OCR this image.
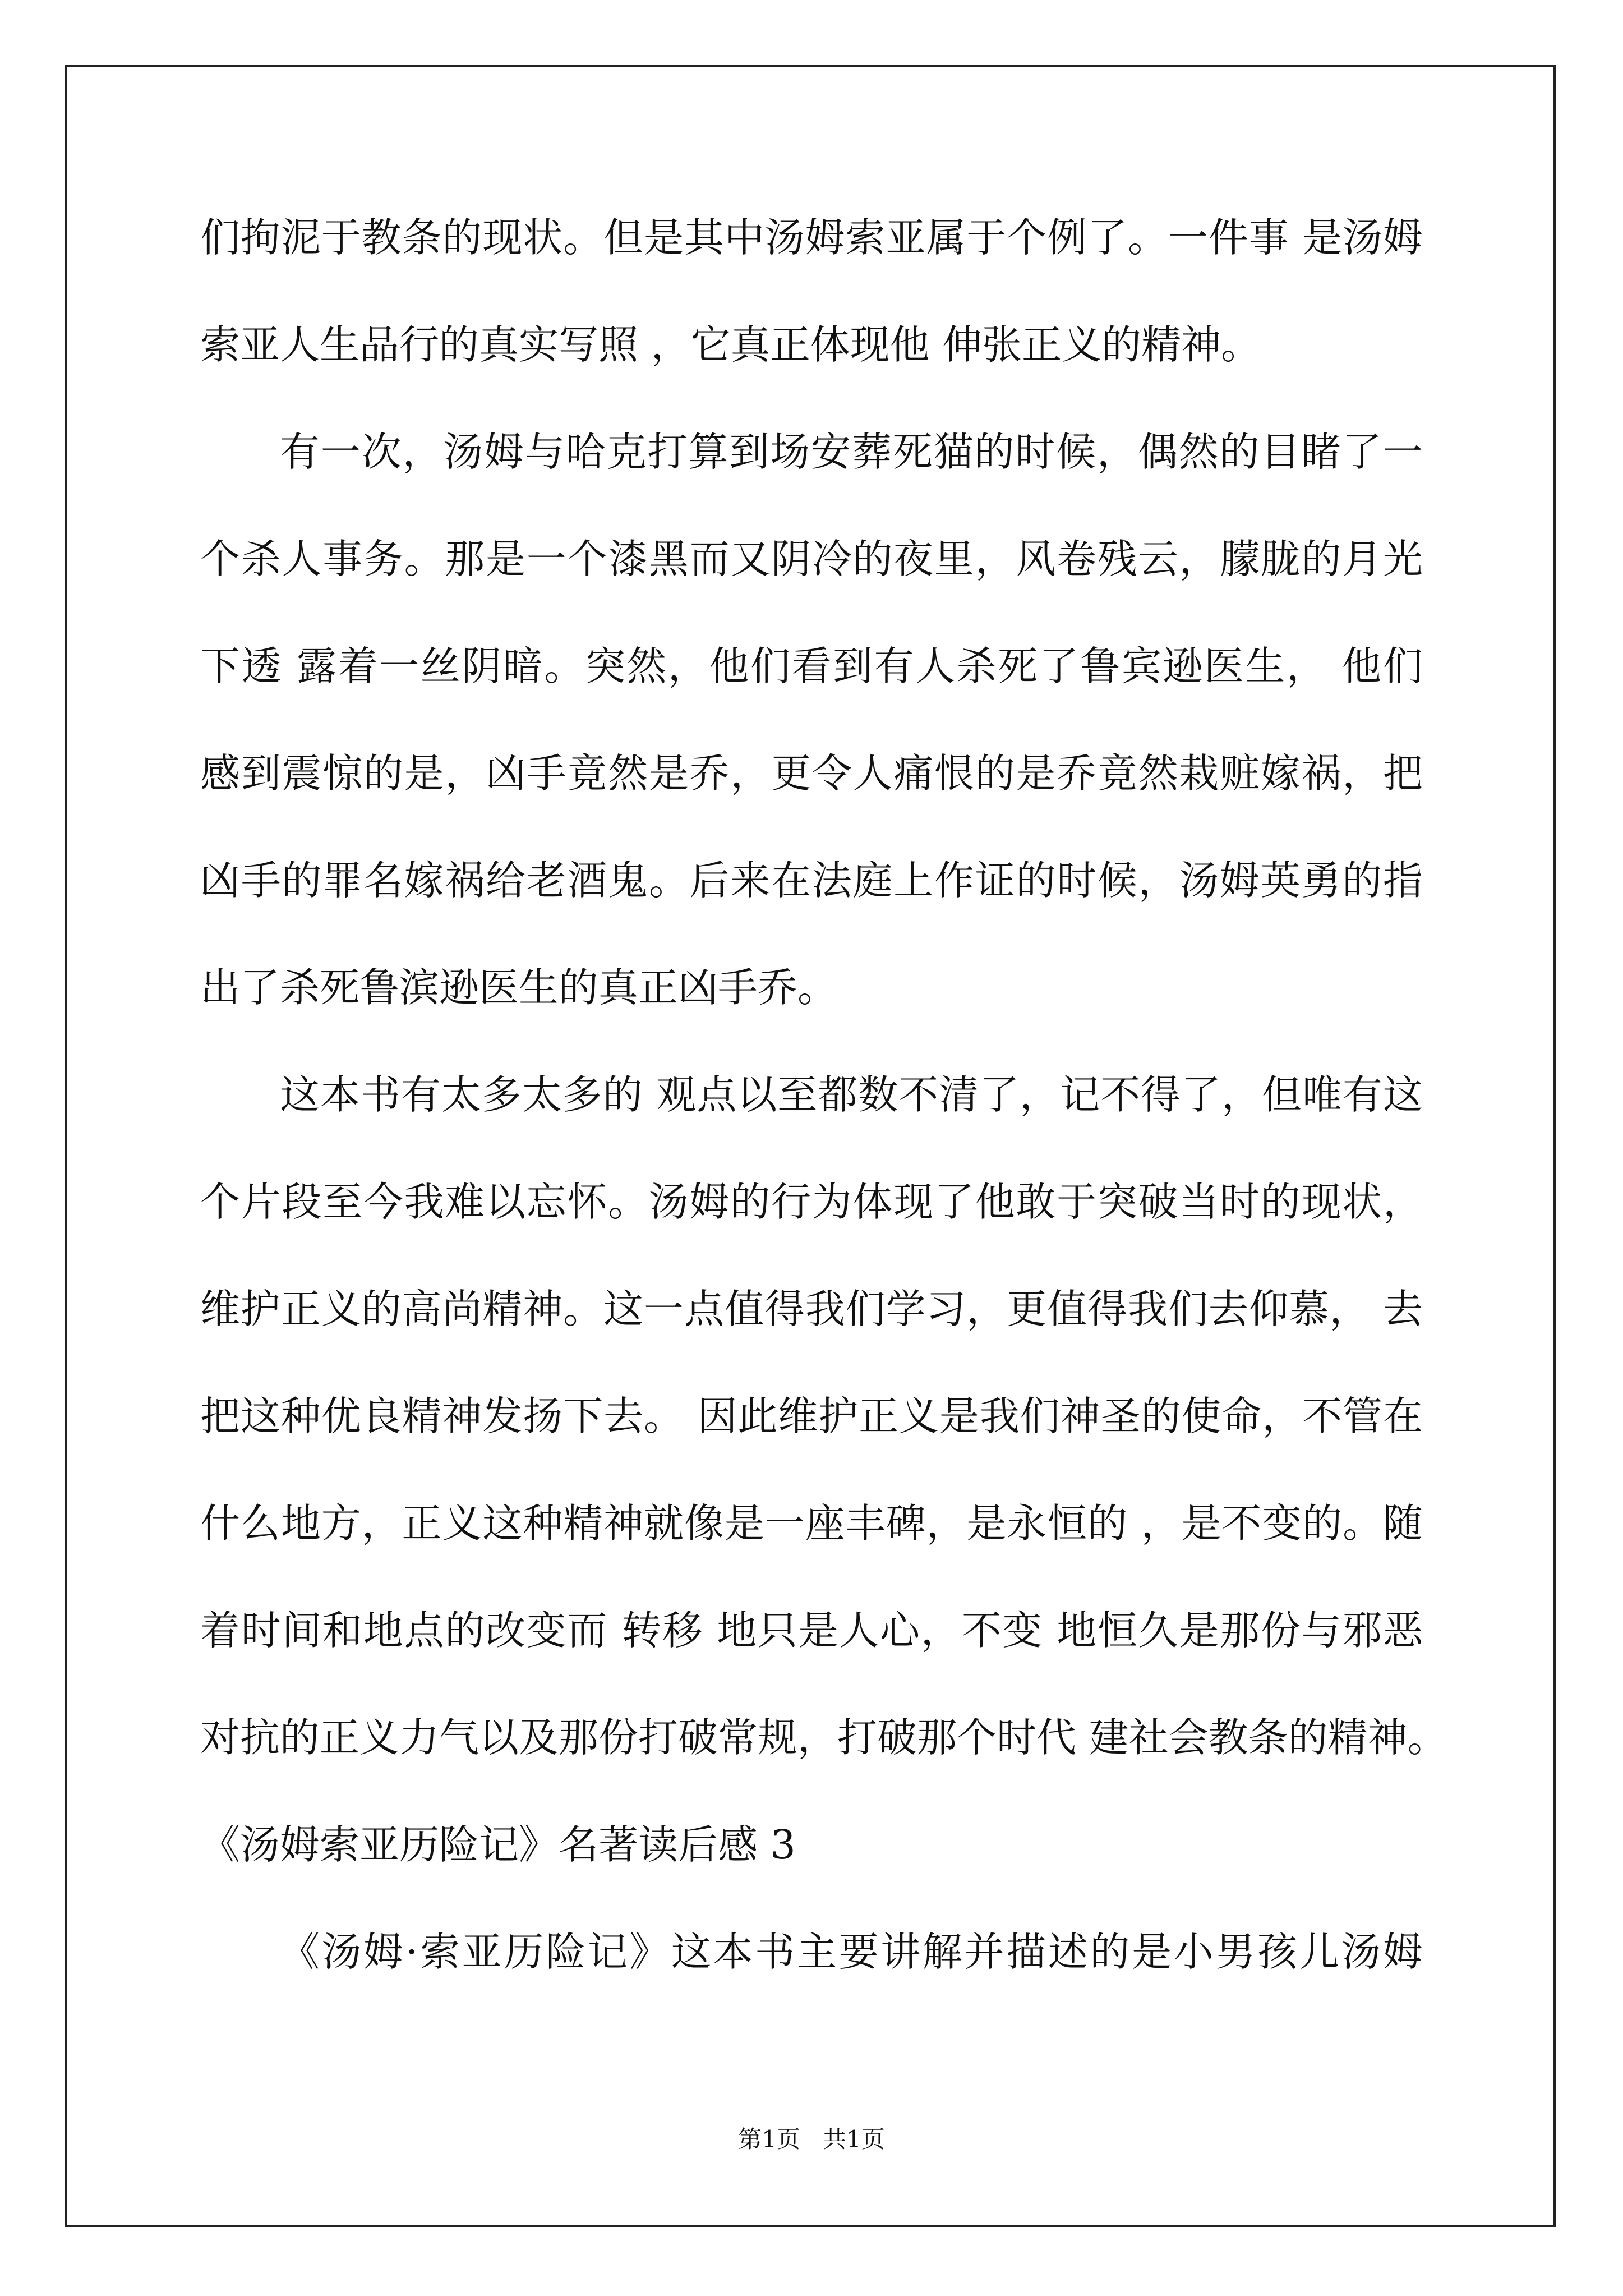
们拘泥于教条的现状。但是其中汤姆索亚属于个例了。一件事 是汤姆
索亚人生品行的真实写照 ，它真正体现他 伸张正义的精神。
有一次，汤姆与哈克打算到场安葬死猫的时候，偶然的目睹了一
个杀人事务。那是一个漆黑而又阴冷的夜里，风卷残云，朦胧的月光
下透 露着一丝阴暗。突然，他们看到有人杀死了鲁宾逊医生， 他们
感到震惊的是，凶手竟然是乔，更令人痛恨的是乔竟然栽赃嫁祸，把
凶手的罪名嫁祸给老酒鬼。后来在法庭上作证的时候，汤姆英勇的指
出了杀死鲁滨逊医生的真正凶手乔。
这本书有太多太多的 观点以至都数不清了，记不得了，但唯有这
个片段至今我难以忘怀。汤姆的行为体现了他敢于突破当时的现状，
维护正义的高尚精神。这一点值得我们学习，更值得我们去仰慕， 去
把这种优良精神发扬下去。 因此维护正义是我们神圣的使命，不管在
什么地方，正义这种精神就像是一座丰碑，是永恒的 ，是不变的。随
着时间和地点的改变而 转移 地只是人心，不变 地恒久是那份与邪恶
对抗的正义力气以及那份打破常规，打破那个时代 建社会教条的精神。
《汤姆索亚历险记》名著读后感 3
《汤姆·索亚历险记》这本书主要讲解并描述的是小男孩儿汤姆
第1页   共1页
